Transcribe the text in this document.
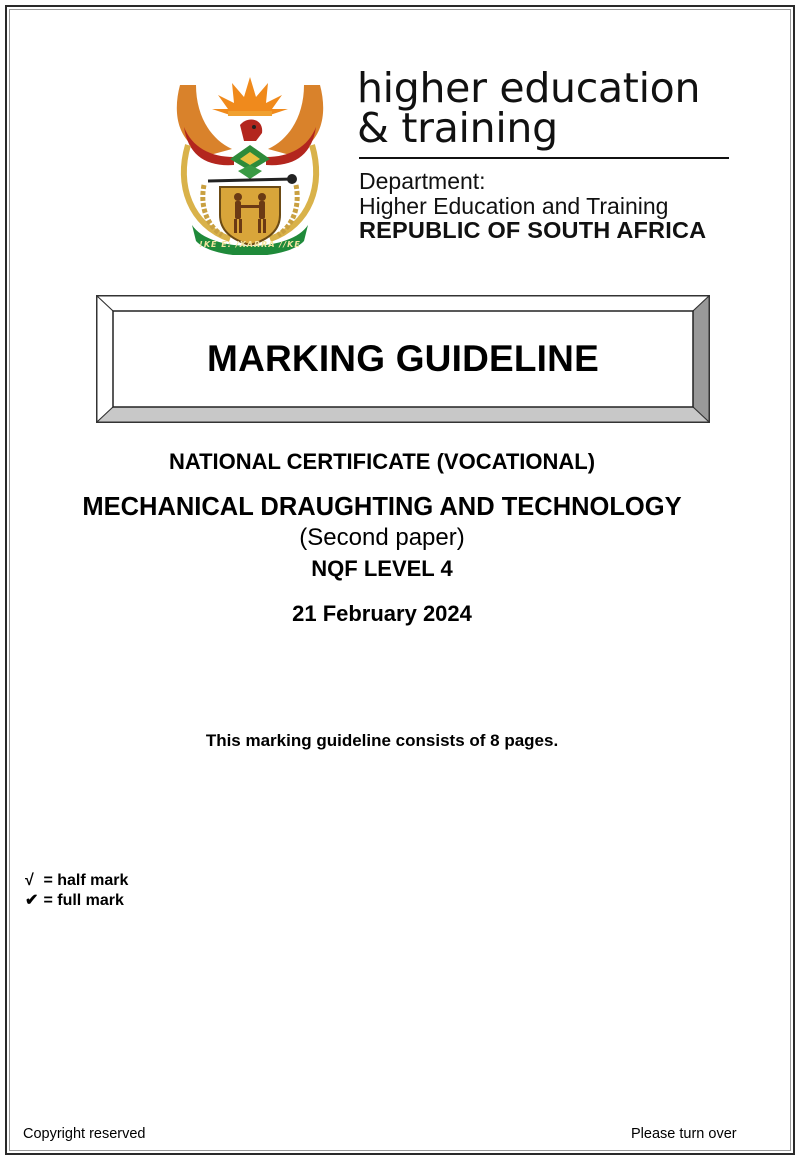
!KE E: /XARRA //KE
higher education
& training
Department:
Higher Education and Training
REPUBLIC OF SOUTH AFRICA
MARKING GUIDELINE
NATIONAL CERTIFICATE (VOCATIONAL)
MECHANICAL DRAUGHTING AND TECHNOLOGY
(Second paper)
NQF LEVEL 4
21 February 2024
This marking guideline consists of 8 pages.
√ = half mark
✔ = full mark
Copyright reserved	Please turn over
